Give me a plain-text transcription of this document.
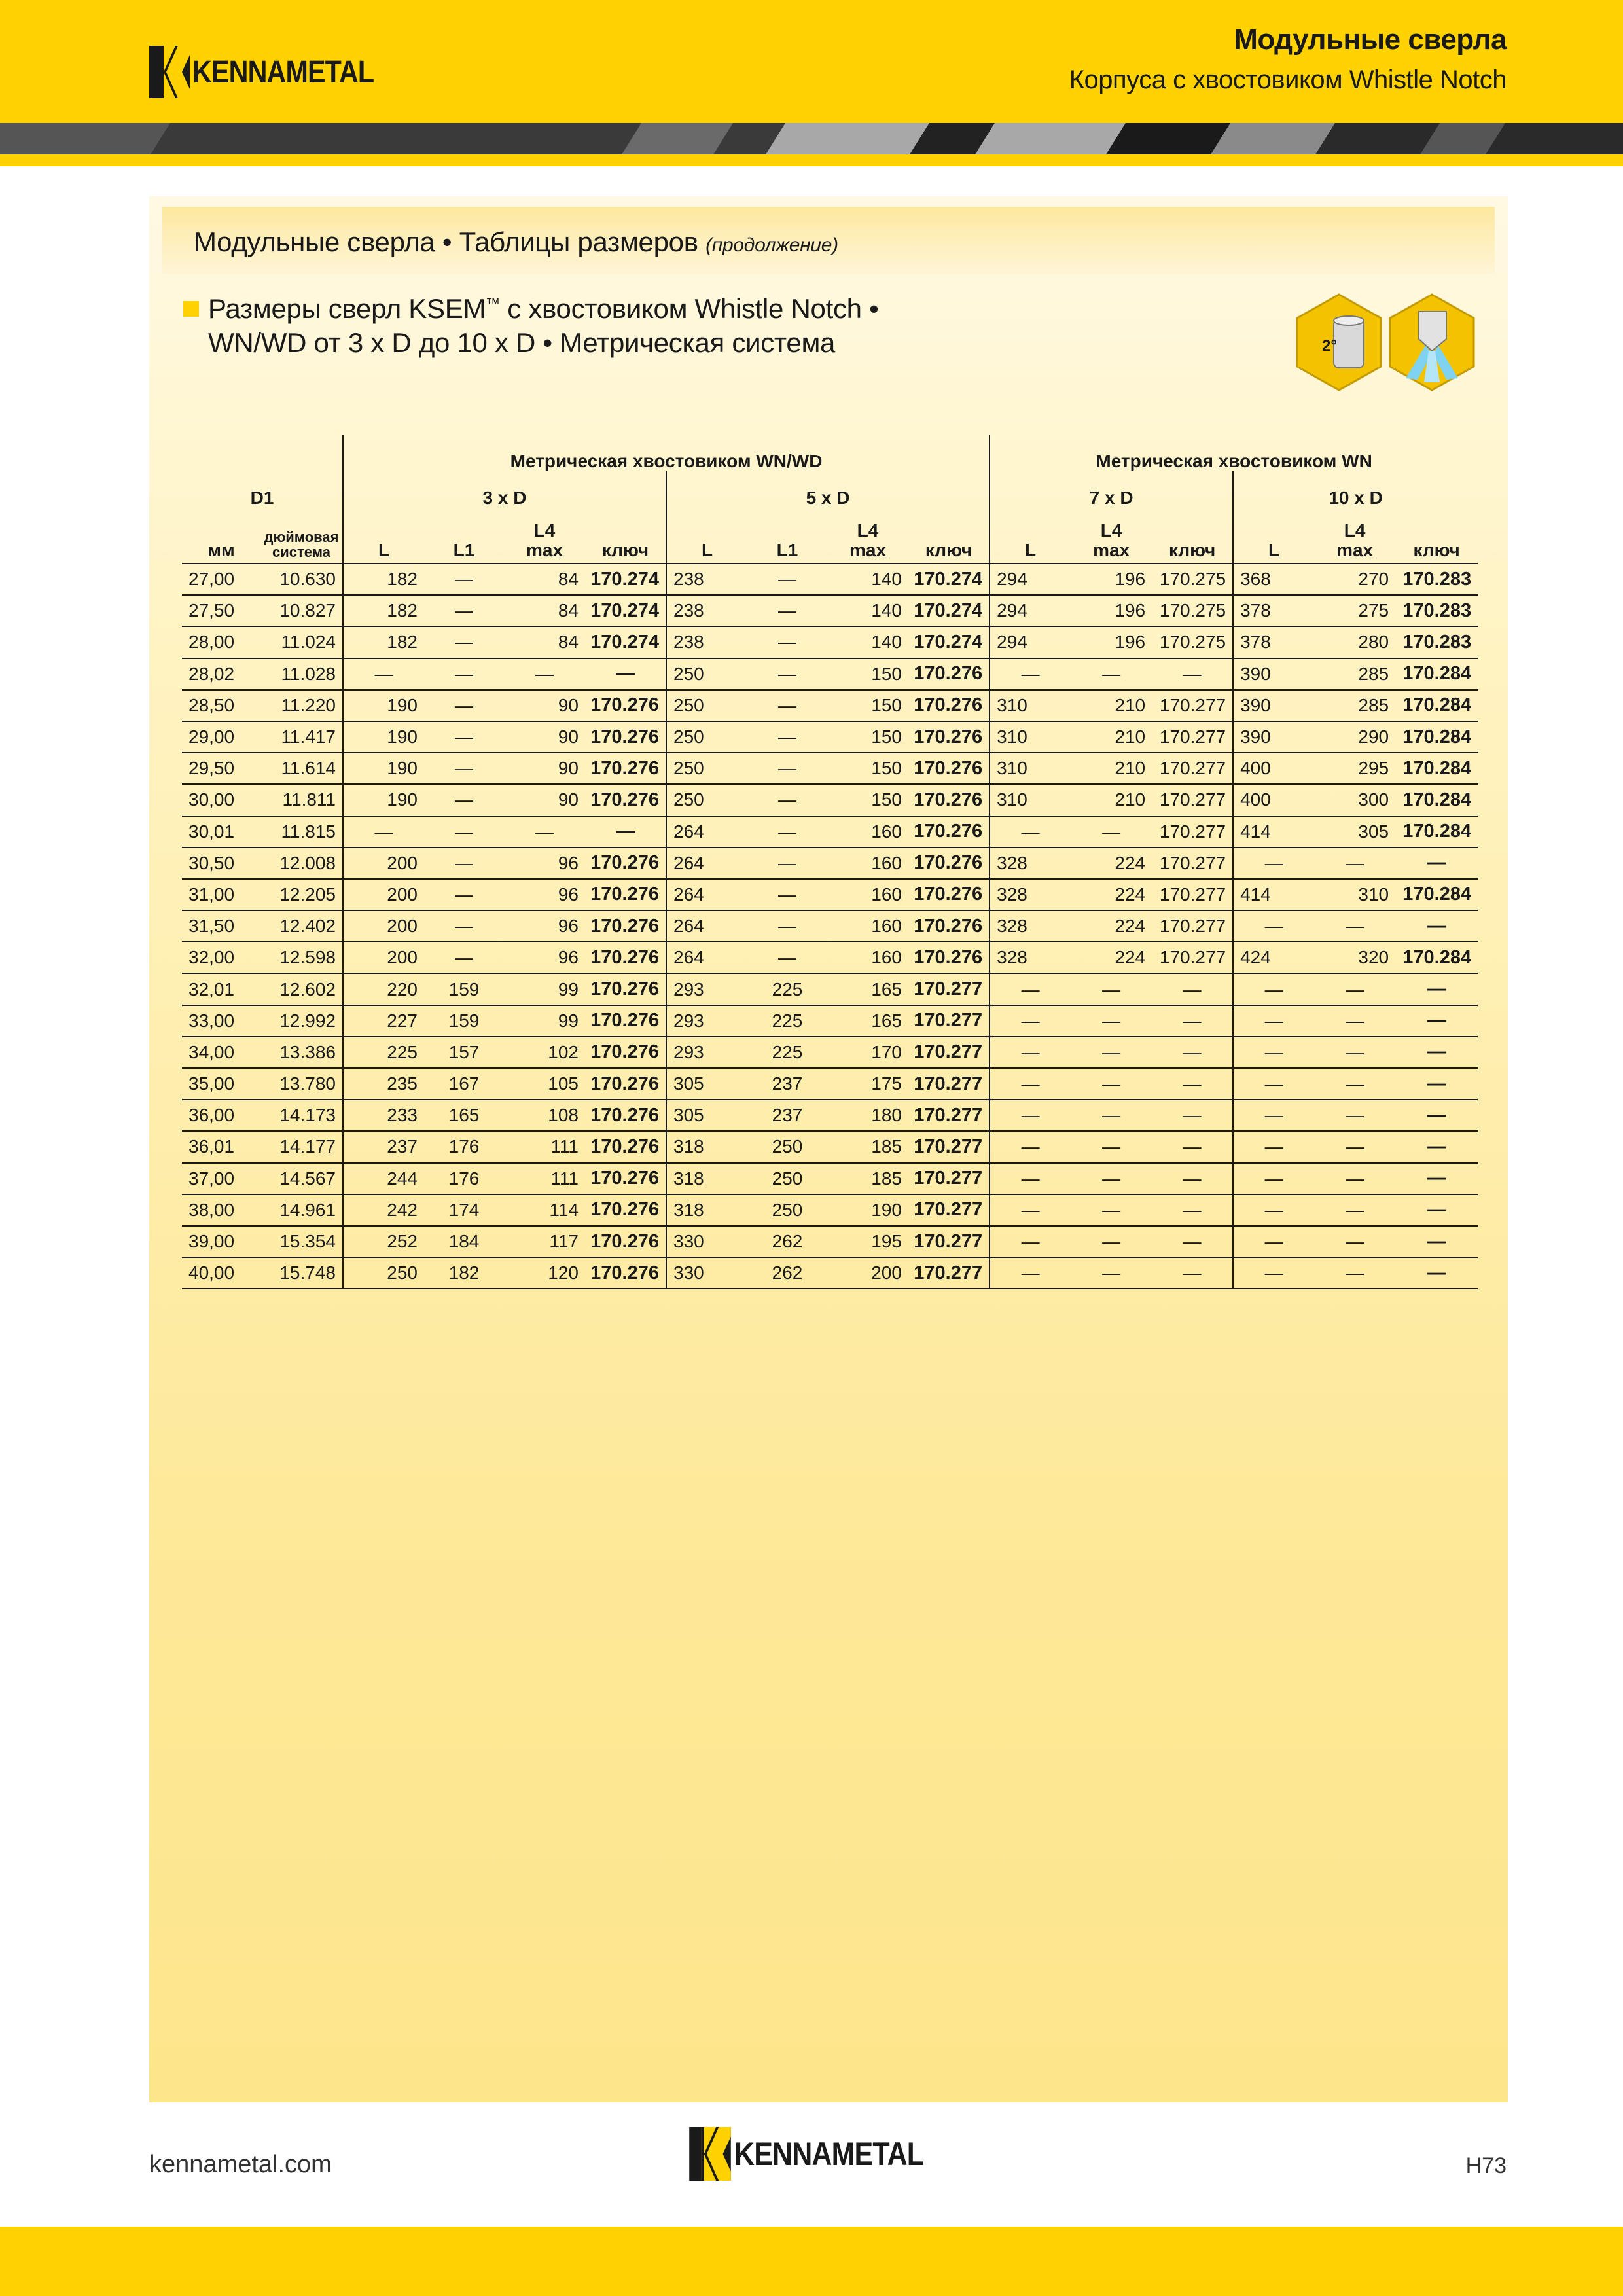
KENNAMETAL
Модульные сверла
Корпуса с хвостовиком Whistle Notch
Модульные сверла • Таблицы размеров (продолжение)
Размеры сверл KSEM™ с хвостовиком Whistle Notch •
WN/WD от 3 x D до 10 x D • Метрическая система	2°
		Метрическая хвостовиком WN/WD								Метрическая хвостовиком WN					
D1		3 x D				5 x D				7 x D			10 x D		
мм	дюймовая
система	L	L1	L4
max	ключ	L	L1	L4
max	ключ	L	L4
max	ключ	L	L4
max	ключ
27,00	10.630	182	—	84	170.274	238	—	140	170.274	294	196	170.275	368	270	170.283
27,50	10.827	182	—	84	170.274	238	—	140	170.274	294	196	170.275	378	275	170.283
28,00	11.024	182	—	84	170.274	238	—	140	170.274	294	196	170.275	378	280	170.283
28,02	11.028	—	—	—	—	250	—	150	170.276	—	—	—	390	285	170.284
28,50	11.220	190	—	90	170.276	250	—	150	170.276	310	210	170.277	390	285	170.284
29,00	11.417	190	—	90	170.276	250	—	150	170.276	310	210	170.277	390	290	170.284
29,50	11.614	190	—	90	170.276	250	—	150	170.276	310	210	170.277	400	295	170.284
30,00	11.811	190	—	90	170.276	250	—	150	170.276	310	210	170.277	400	300	170.284
30,01	11.815	—	—	—	—	264	—	160	170.276	—	—	170.277	414	305	170.284
30,50	12.008	200	—	96	170.276	264	—	160	170.276	328	224	170.277	—	—	—
31,00	12.205	200	—	96	170.276	264	—	160	170.276	328	224	170.277	414	310	170.284
31,50	12.402	200	—	96	170.276	264	—	160	170.276	328	224	170.277	—	—	—
32,00	12.598	200	—	96	170.276	264	—	160	170.276	328	224	170.277	424	320	170.284
32,01	12.602	220	159	99	170.276	293	225	165	170.277	—	—	—	—	—	—
33,00	12.992	227	159	99	170.276	293	225	165	170.277	—	—	—	—	—	—
34,00	13.386	225	157	102	170.276	293	225	170	170.277	—	—	—	—	—	—
35,00	13.780	235	167	105	170.276	305	237	175	170.277	—	—	—	—	—	—
36,00	14.173	233	165	108	170.276	305	237	180	170.277	—	—	—	—	—	—
36,01	14.177	237	176	111	170.276	318	250	185	170.277	—	—	—	—	—	—
37,00	14.567	244	176	111	170.276	318	250	185	170.277	—	—	—	—	—	—
38,00	14.961	242	174	114	170.276	318	250	190	170.277	—	—	—	—	—	—
39,00	15.354	252	184	117	170.276	330	262	195	170.277	—	—	—	—	—	—
40,00	15.748	250	182	120	170.276	330	262	200	170.277	—	—	—	—	—	—
kennametal.com	KENNAMETAL	H73
